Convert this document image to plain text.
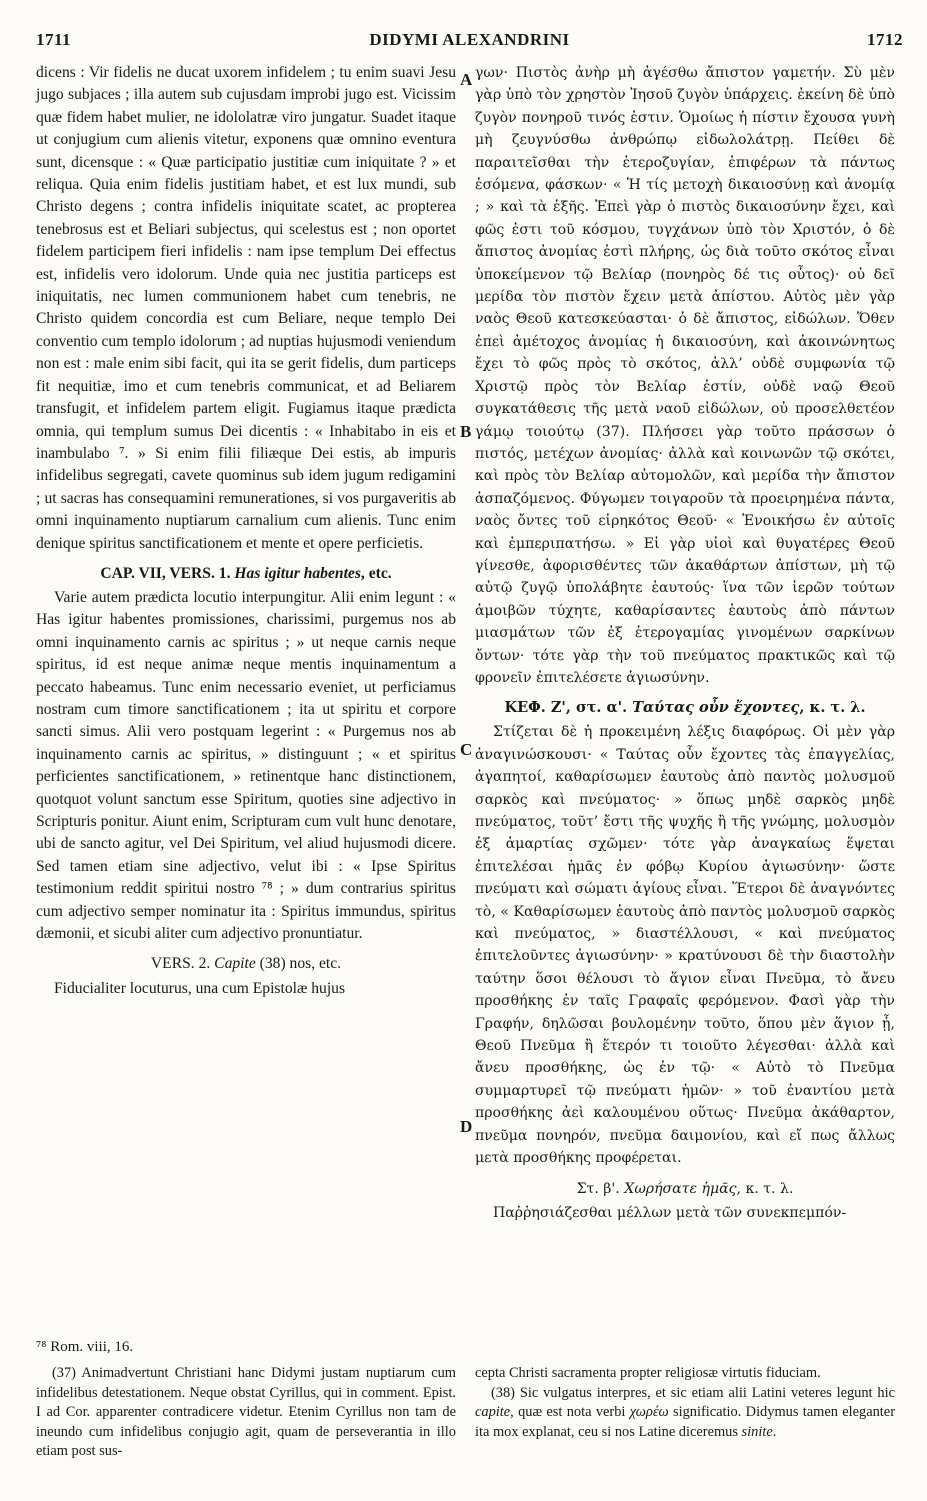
1711	DIDYMI ALEXANDRINI	1712
A
B
C
D

dicens : Vir fidelis ne ducat uxorem infidelem ; tu enim suavi Jesu jugo subjaces ; illa autem sub cujusdam improbi jugo est. Vicissim quæ fidem habet mulier, ne idololatræ viro jungatur. Suadet itaque ut conjugium cum alienis vitetur, exponens quæ omnino eventura sunt, dicensque : « Quæ participatio justitiæ cum iniquitate ? » et reliqua. Quia enim fidelis justitiam habet, et est lux mundi, sub Christo degens ; contra infidelis iniquitate scatet, ac propterea tenebrosus est et Beliari subjectus, qui scelestus est ; non oportet fidelem participem fieri infidelis : nam ipse templum Dei effectus est, infidelis vero idolorum. Unde quia nec justitia particeps est iniquitatis, nec lumen communionem habet cum tenebris, ne Christo quidem concordia est cum Beliare, neque templo Dei conventio cum templo idolorum ; ad nuptias hujusmodi veniendum non est : male enim sibi facit, qui ita se gerit fidelis, dum particeps fit nequitiæ, imo et cum tenebris communicat, et ad Beliarem transfugit, et infidelem partem eligit. Fugiamus itaque prædicta omnia, qui templum sumus Dei dicentis : « Inhabitabo in eis et inambulabo ⁷. » Si enim filii filiæque Dei estis, ab impuris infidelibus segregati, cavete quominus sub idem jugum redigamini ; ut sacras has consequamini remunerationes, si vos purgaveritis ab omni inquinamento nuptiarum carnalium cum alienis. Tunc enim denique spiritus sanctificationem et mente et opere perficietis.

CAP. VII, VERS. 1. Has igitur habentes, etc.

Varie autem prædicta locutio interpungitur. Alii enim legunt : « Has igitur habentes promissiones, charissimi, purgemus nos ab omni inquinamento carnis ac spiritus ; » ut neque carnis neque spiritus, id est neque animæ neque mentis inquinamentum a peccato habeamus. Tunc enim necessario eveniet, ut perficiamus nostram cum timore sanctificationem ; ita ut spiritu et corpore sancti simus. Alii vero postquam legerint : « Purgemus nos ab inquinamento carnis ac spiritus, » distinguunt ; « et spiritus perficientes sanctificationem, » retinentque hanc distinctionem, quotquot volunt sanctum esse Spiritum, quoties sine adjectivo in Scripturis ponitur. Aiunt enim, Scripturam cum vult hunc denotare, ubi de sancto agitur, vel Dei Spiritum, vel aliud hujusmodi dicere. Sed tamen etiam sine adjectivo, velut ibi : « Ipse Spiritus testimonium reddit spiritui nostro ⁷⁸ ; » dum contrarius spiritus cum adjectivo semper nominatur ita : Spiritus immundus, spiritus dæmonii, et sicubi aliter cum adjectivo pronuntiatur.

VERS. 2. Capite (38) nos, etc.

Fiducialiter locuturus, una cum Epistolæ hujus

γων· Πιστὸς ἀνὴρ μὴ ἀγέσθω ἄπιστον γαμετήν. Σὺ μὲν γὰρ ὑπὸ τὸν χρηστὸν Ἰησοῦ ζυγὸν ὑπάρχεις. ἐκείνη δὲ ὑπὸ ζυγὸν πονηροῦ τινός ἐστιν. Ὁμοίως ἡ πίστιν ἔχουσα γυνὴ μὴ ζευγνύσθω ἀνθρώπῳ εἰδωλολάτρῃ. Πείθει δὲ παραιτεῖσθαι τὴν ἑτεροζυγίαν, ἐπιφέρων τὰ πάντως ἐσόμενα, φάσκων· « Ἡ τίς μετοχὴ δικαιοσύνῃ καὶ ἀνομίᾳ ; » καὶ τὰ ἑξῆς. Ἐπεὶ γὰρ ὁ πιστὸς δικαιοσύνην ἔχει, καὶ φῶς ἐστι τοῦ κόσμου, τυγχάνων ὑπὸ τὸν Χριστόν, ὁ δὲ ἄπιστος ἀνομίας ἐστὶ πλήρης, ὡς διὰ τοῦτο σκότος εἶναι ὑποκείμενον τῷ Βελίαρ (πονηρὸς δέ τις οὗτος)· οὐ δεῖ μερίδα τὸν πιστὸν ἔχειν μετὰ ἀπίστου. Αὐτὸς μὲν γὰρ ναὸς Θεοῦ κατεσκεύασται· ὁ δὲ ἄπιστος, εἰδώλων. Ὅθεν ἐπεὶ ἀμέτοχος ἀνομίας ἡ δικαιοσύνη, καὶ ἀκοινώνητως ἔχει τὸ φῶς πρὸς τὸ σκότος, ἀλλ’ οὐδὲ συμφωνία τῷ Χριστῷ πρὸς τὸν Βελίαρ ἐστίν, οὐδὲ ναῷ Θεοῦ συγκατάθεσις τῆς μετὰ ναοῦ εἰδώλων, οὐ προσελθετέον γάμῳ τοιούτῳ (37). Πλήσσει γὰρ τοῦτο πράσσων ὁ πιστός, μετέχων ἀνομίας· ἀλλὰ καὶ κοινωνῶν τῷ σκότει, καὶ πρὸς τὸν Βελίαρ αὐτομολῶν, καὶ μερίδα τὴν ἄπιστον ἀσπαζόμενος. Φύγωμεν τοιγαροῦν τὰ προειρημένα πάντα, ναὸς ὄντες τοῦ εἰρηκότος Θεοῦ· « Ἐνοικήσω ἐν αὐτοῖς καὶ ἐμπεριπατήσω. » Εἰ γὰρ υἱοὶ καὶ θυγατέρες Θεοῦ γίνεσθε, ἀφορισθέντες τῶν ἀκαθάρτων ἀπίστων, μὴ τῷ αὐτῷ ζυγῷ ὑπολάβητε ἑαυτούς· ἵνα τῶν ἱερῶν τούτων ἀμοιβῶν τύχητε, καθαρίσαντες ἑαυτοὺς ἀπὸ πάντων μιασμάτων τῶν ἐξ ἑτερογαμίας γινομένων σαρκίνων ὄντων· τότε γὰρ τὴν τοῦ πνεύματος πρακτικῶς καὶ τῷ φρονεῖν ἐπιτελέσετε ἁγιωσύνην.

ΚΕΦ. Ζ', στ. α'. Ταύτας οὖν ἔχοντες, κ. τ. λ.

Στίζεται δὲ ἡ προκειμένη λέξις διαφόρως. Οἱ μὲν γὰρ ἀναγινώσκουσι· « Ταύτας οὖν ἔχοντες τὰς ἐπαγγελίας, ἀγαπητοί, καθαρίσωμεν ἑαυτοὺς ἀπὸ παντὸς μολυσμοῦ σαρκὸς καὶ πνεύματος· » ὅπως μηδὲ σαρκὸς μηδὲ πνεύματος, τοῦτ’ ἔστι τῆς ψυχῆς ἢ τῆς γνώμης, μολυσμὸν ἐξ ἁμαρτίας σχῶμεν· τότε γὰρ ἀναγκαίως ἕψεται ἐπιτελέσαι ἡμᾶς ἐν φόβῳ Κυρίου ἁγιωσύνην· ὥστε πνεύματι καὶ σώματι ἁγίους εἶναι. Ἕτεροι δὲ ἀναγνόντες τὸ, « Καθαρίσωμεν ἑαυτοὺς ἀπὸ παντὸς μολυσμοῦ σαρκὸς καὶ πνεύματος, » διαστέλλουσι, « καὶ πνεύματος ἐπιτελοῦντες ἁγιωσύνην· » κρατύνουσι δὲ τὴν διαστολὴν ταύτην ὅσοι θέλουσι τὸ ἅγιον εἶναι Πνεῦμα, τὸ ἄνευ προσθήκης ἐν ταῖς Γραφαῖς φερόμενον. Φασὶ γὰρ τὴν Γραφήν, δηλῶσαι βουλομένην τοῦτο, ὅπου μὲν ἅγιον ᾖ, Θεοῦ Πνεῦμα ἢ ἕτερόν τι τοιοῦτο λέγεσθαι· ἀλλὰ καὶ ἄνευ προσθήκης, ὡς ἐν τῷ· « Αὐτὸ τὸ Πνεῦμα συμμαρτυρεῖ τῷ πνεύματι ἡμῶν· » τοῦ ἐναντίου μετὰ προσθήκης ἀεὶ καλουμένου οὕτως· Πνεῦμα ἀκάθαρτον, πνεῦμα πονηρόν, πνεῦμα δαιμονίου, καὶ εἴ πως ἄλλως μετὰ προσθήκης προφέρεται.

Στ. β'. Χωρήσατε ἡμᾶς, κ. τ. λ.

Παῤῥησιάζεσθαι μέλλων μετὰ τῶν συνεκπεμπόν-

⁷⁸ Rom. viii, 16.

(37) Animadvertunt Christiani hanc Didymi justam nuptiarum cum infidelibus detestationem. Neque obstat Cyrillus, qui in comment. Epist. I ad Cor. apparenter contradicere videtur. Etenim Cyrillus non tam de ineundo cum infidelibus conjugio agit, quam de perseverantia in illo etiam post sus-

cepta Christi sacramenta propter religiosæ virtutis fiduciam.

(38) Sic vulgatus interpres, et sic etiam alii Latini veteres legunt hic capite, quæ est nota verbi χωρέω significatio. Didymus tamen eleganter ita mox explanat, ceu si nos Latine diceremus sinite.
